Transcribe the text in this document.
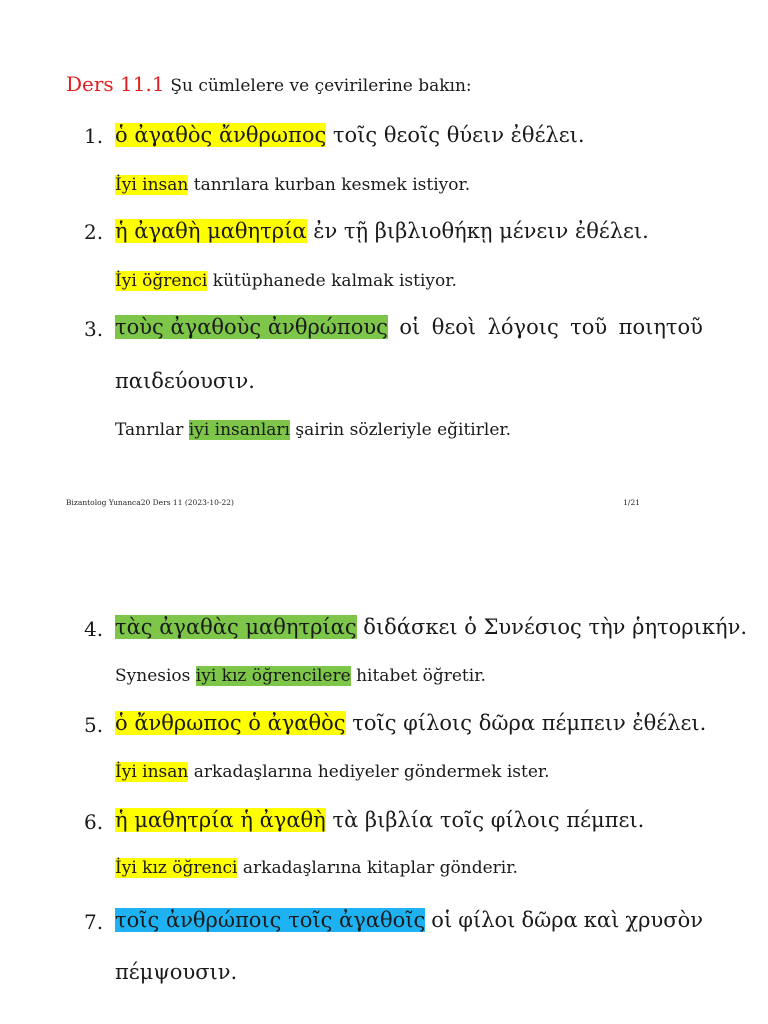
Ders 11.1 Şu cümlelere ve çevirilerine bakın:
1. ὁ ἀγαθὸς ἄνθρωπος τοῖς θεοῖς θύειν ἐθέλει.
İyi insan tanrılara kurban kesmek istiyor.
2. ἡ ἀγαθὴ μαθητρία ἐν τῇ βιβλιοθήκῃ μένειν ἐθέλει.
İyi öğrenci kütüphanede kalmak istiyor.
3. τοὺς ἀγαθοὺς ἀνθρώπους οἱ θεοὶ λόγοις τοῦ ποιητοῦ
παιδεύουσιν.
Tanrılar iyi insanları şairin sözleriyle eğitirler.
Bizantolog Yunanca20 Ders 11 (2023-10-22)	1/21
4. τὰς ἀγαθὰς μαθητρίας διδάσκει ὁ Συνέσιος τὴν ῥητορικήν.
Synesios iyi kız öğrencilere hitabet öğretir.
5. ὁ ἄνθρωπος ὁ ἀγαθὸς τοῖς φίλοις δῶρα πέμπειν ἐθέλει.
İyi insan arkadaşlarına hediyeler göndermek ister.
6. ἡ μαθητρία ἡ ἀγαθὴ τὰ βιβλία τοῖς φίλοις πέμπει.
İyi kız öğrenci arkadaşlarına kitaplar gönderir.
7. τοῖς ἀνθρώποις τοῖς ἀγαθοῖς οἱ φίλοι δῶρα καὶ χρυσὸν
πέμψουσιν.
